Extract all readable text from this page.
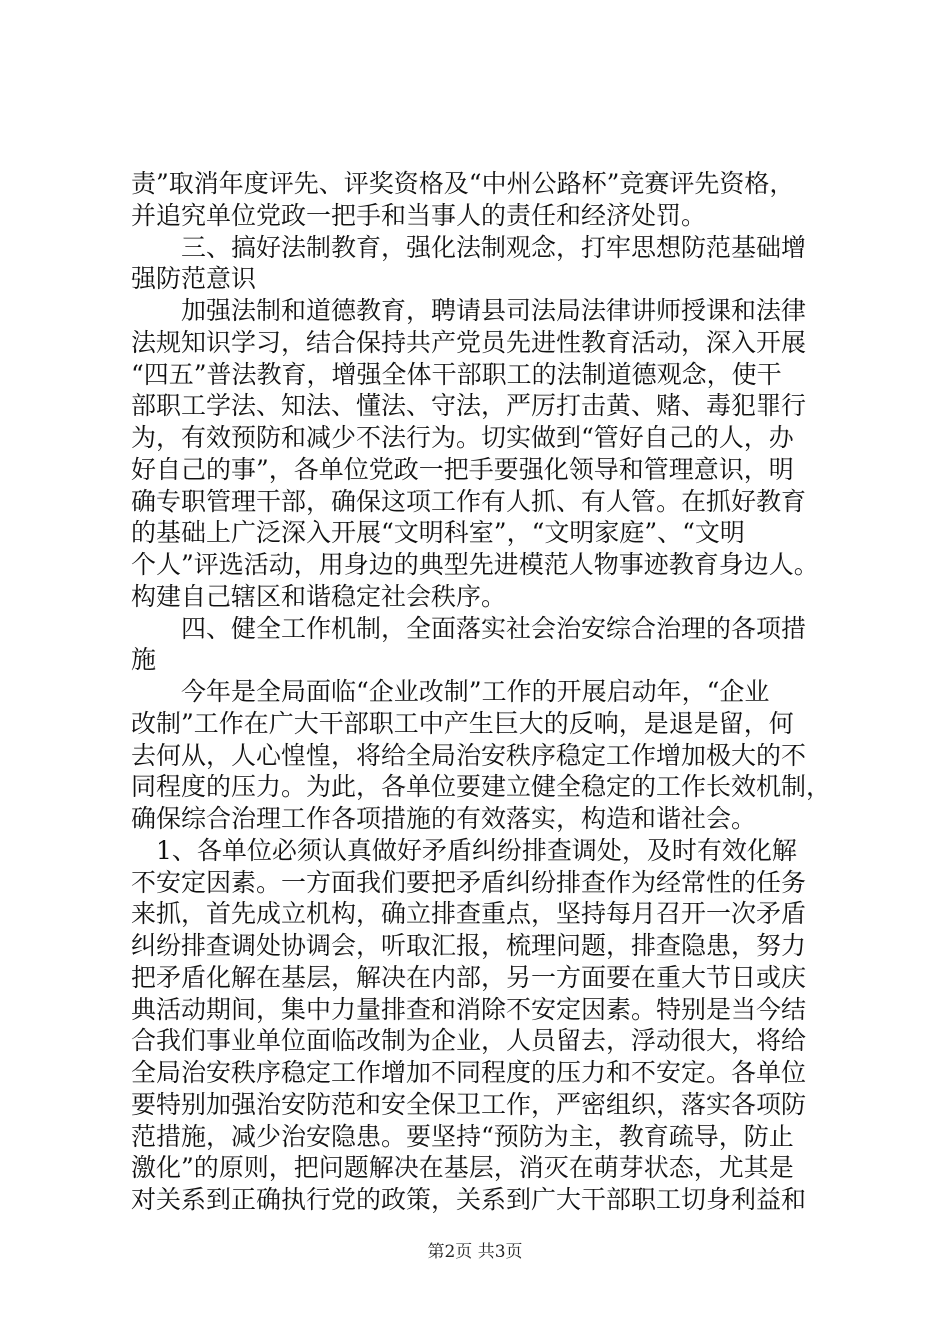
责”取消年度评先、评奖资格及“中州公路杯”竞赛评先资格，
并追究单位党政一把手和当事人的责任和经济处罚。
　　三、搞好法制教育，强化法制观念，打牢思想防范基础增
强防范意识
　　加强法制和道德教育，聘请县司法局法律讲师授课和法律
法规知识学习，结合保持共产党员先进性教育活动，深入开展
“四五”普法教育，增强全体干部职工的法制道德观念，使干
部职工学法、知法、懂法、守法，严厉打击黄、赌、毒犯罪行
为，有效预防和减少不法行为。切实做到“管好自己的人，办
好自己的事”，各单位党政一把手要强化领导和管理意识，明
确专职管理干部，确保这项工作有人抓、有人管。在抓好教育
的基础上广泛深入开展“文明科室”，“文明家庭”、“文明
个人”评选活动，用身边的典型先进模范人物事迹教育身边人。
构建自己辖区和谐稳定社会秩序。
　　四、健全工作机制，全面落实社会治安综合治理的各项措
施
　　今年是全局面临“企业改制”工作的开展启动年，“企业
改制”工作在广大干部职工中产生巨大的反响，是退是留，何
去何从，人心惶惶，将给全局治安秩序稳定工作增加极大的不
同程度的压力。为此，各单位要建立健全稳定的工作长效机制，
确保综合治理工作各项措施的有效落实，构造和谐社会。
　1、各单位必须认真做好矛盾纠纷排查调处，及时有效化解
不安定因素。一方面我们要把矛盾纠纷排查作为经常性的任务
来抓，首先成立机构，确立排查重点，坚持每月召开一次矛盾
纠纷排查调处协调会，听取汇报，梳理问题，排查隐患，努力
把矛盾化解在基层，解决在内部，另一方面要在重大节日或庆
典活动期间，集中力量排查和消除不安定因素。特别是当今结
合我们事业单位面临改制为企业，人员留去，浮动很大，将给
全局治安秩序稳定工作增加不同程度的压力和不安定。各单位
要特别加强治安防范和安全保卫工作，严密组织，落实各项防
范措施，减少治安隐患。要坚持“预防为主，教育疏导，防止
激化”的原则，把问题解决在基层，消灭在萌芽状态，尤其是
对关系到正确执行党的政策，关系到广大干部职工切身利益和
第2页 共3页
